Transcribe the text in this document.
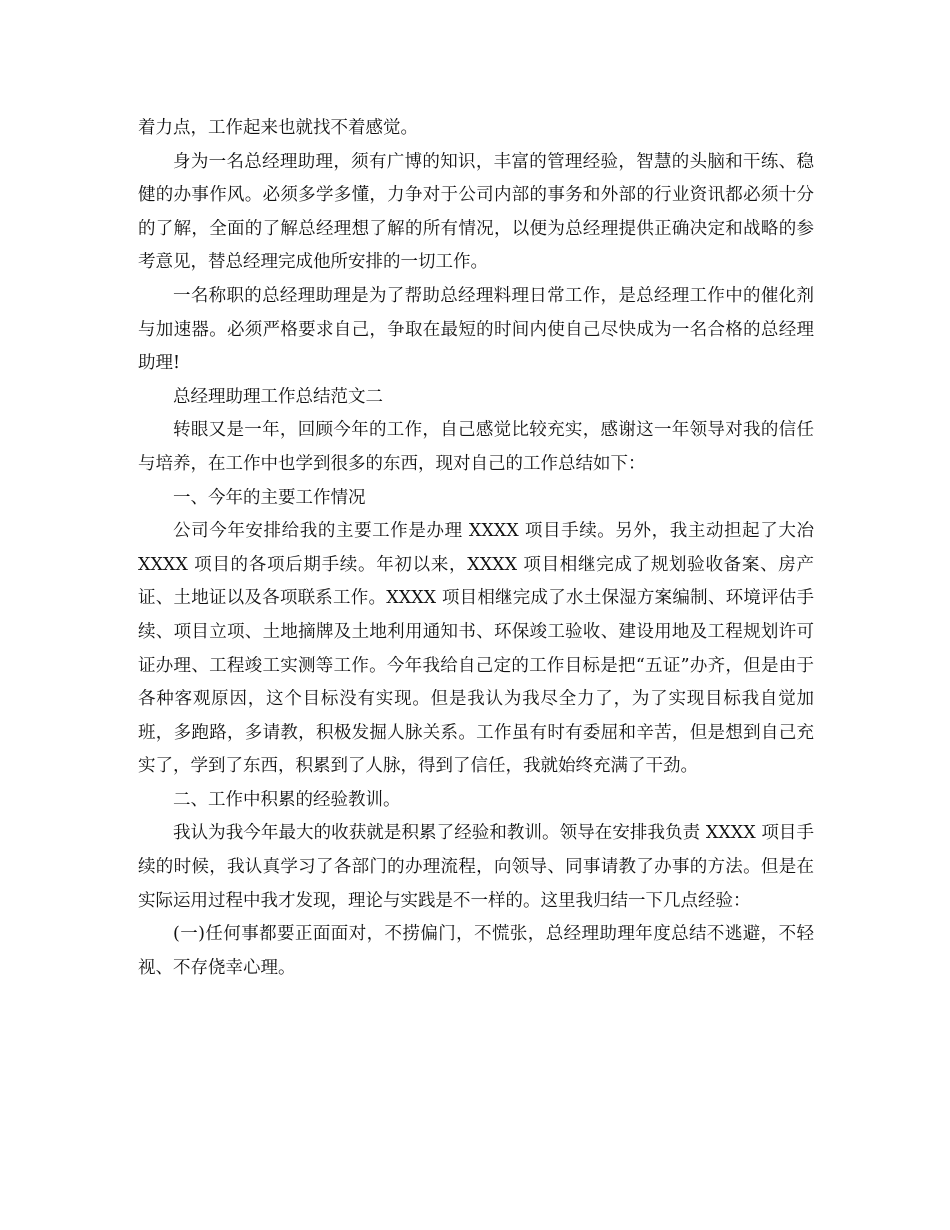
着力点，工作起来也就找不着感觉。

身为一名总经理助理，须有广博的知识，丰富的管理经验，智慧的头脑和干练、稳健的办事作风。必须多学多懂，力争对于公司内部的事务和外部的行业资讯都必须十分的了解，全面的了解总经理想了解的所有情况，以便为总经理提供正确决定和战略的参考意见，替总经理完成他所安排的一切工作。

一名称职的总经理助理是为了帮助总经理料理日常工作，是总经理工作中的催化剂与加速器。必须严格要求自己，争取在最短的时间内使自己尽快成为一名合格的总经理助理!

总经理助理工作总结范文二

转眼又是一年，回顾今年的工作，自己感觉比较充实，感谢这一年领导对我的信任与培养，在工作中也学到很多的东西，现对自己的工作总结如下：

一、今年的主要工作情况

公司今年安排给我的主要工作是办理 XXXX 项目手续。另外，我主动担起了大冶 XXXX 项目的各项后期手续。年初以来，XXXX 项目相继完成了规划验收备案、房产证、土地证以及各项联系工作。XXXX 项目相继完成了水土保湿方案编制、环境评估手续、项目立项、土地摘牌及土地利用通知书、环保竣工验收、建设用地及工程规划许可证办理、工程竣工实测等工作。今年我给自己定的工作目标是把“五证”办齐，但是由于各种客观原因，这个目标没有实现。但是我认为我尽全力了，为了实现目标我自觉加班，多跑路，多请教，积极发掘人脉关系。工作虽有时有委屈和辛苦，但是想到自己充实了，学到了东西，积累到了人脉，得到了信任，我就始终充满了干劲。

二、工作中积累的经验教训。

我认为我今年最大的收获就是积累了经验和教训。领导在安排我负责 XXXX 项目手续的时候，我认真学习了各部门的办理流程，向领导、同事请教了办事的方法。但是在实际运用过程中我才发现，理论与实践是不一样的。这里我归结一下几点经验：

(一)任何事都要正面面对，不捞偏门，不慌张，总经理助理年度总结不逃避，不轻视、不存侥幸心理。
